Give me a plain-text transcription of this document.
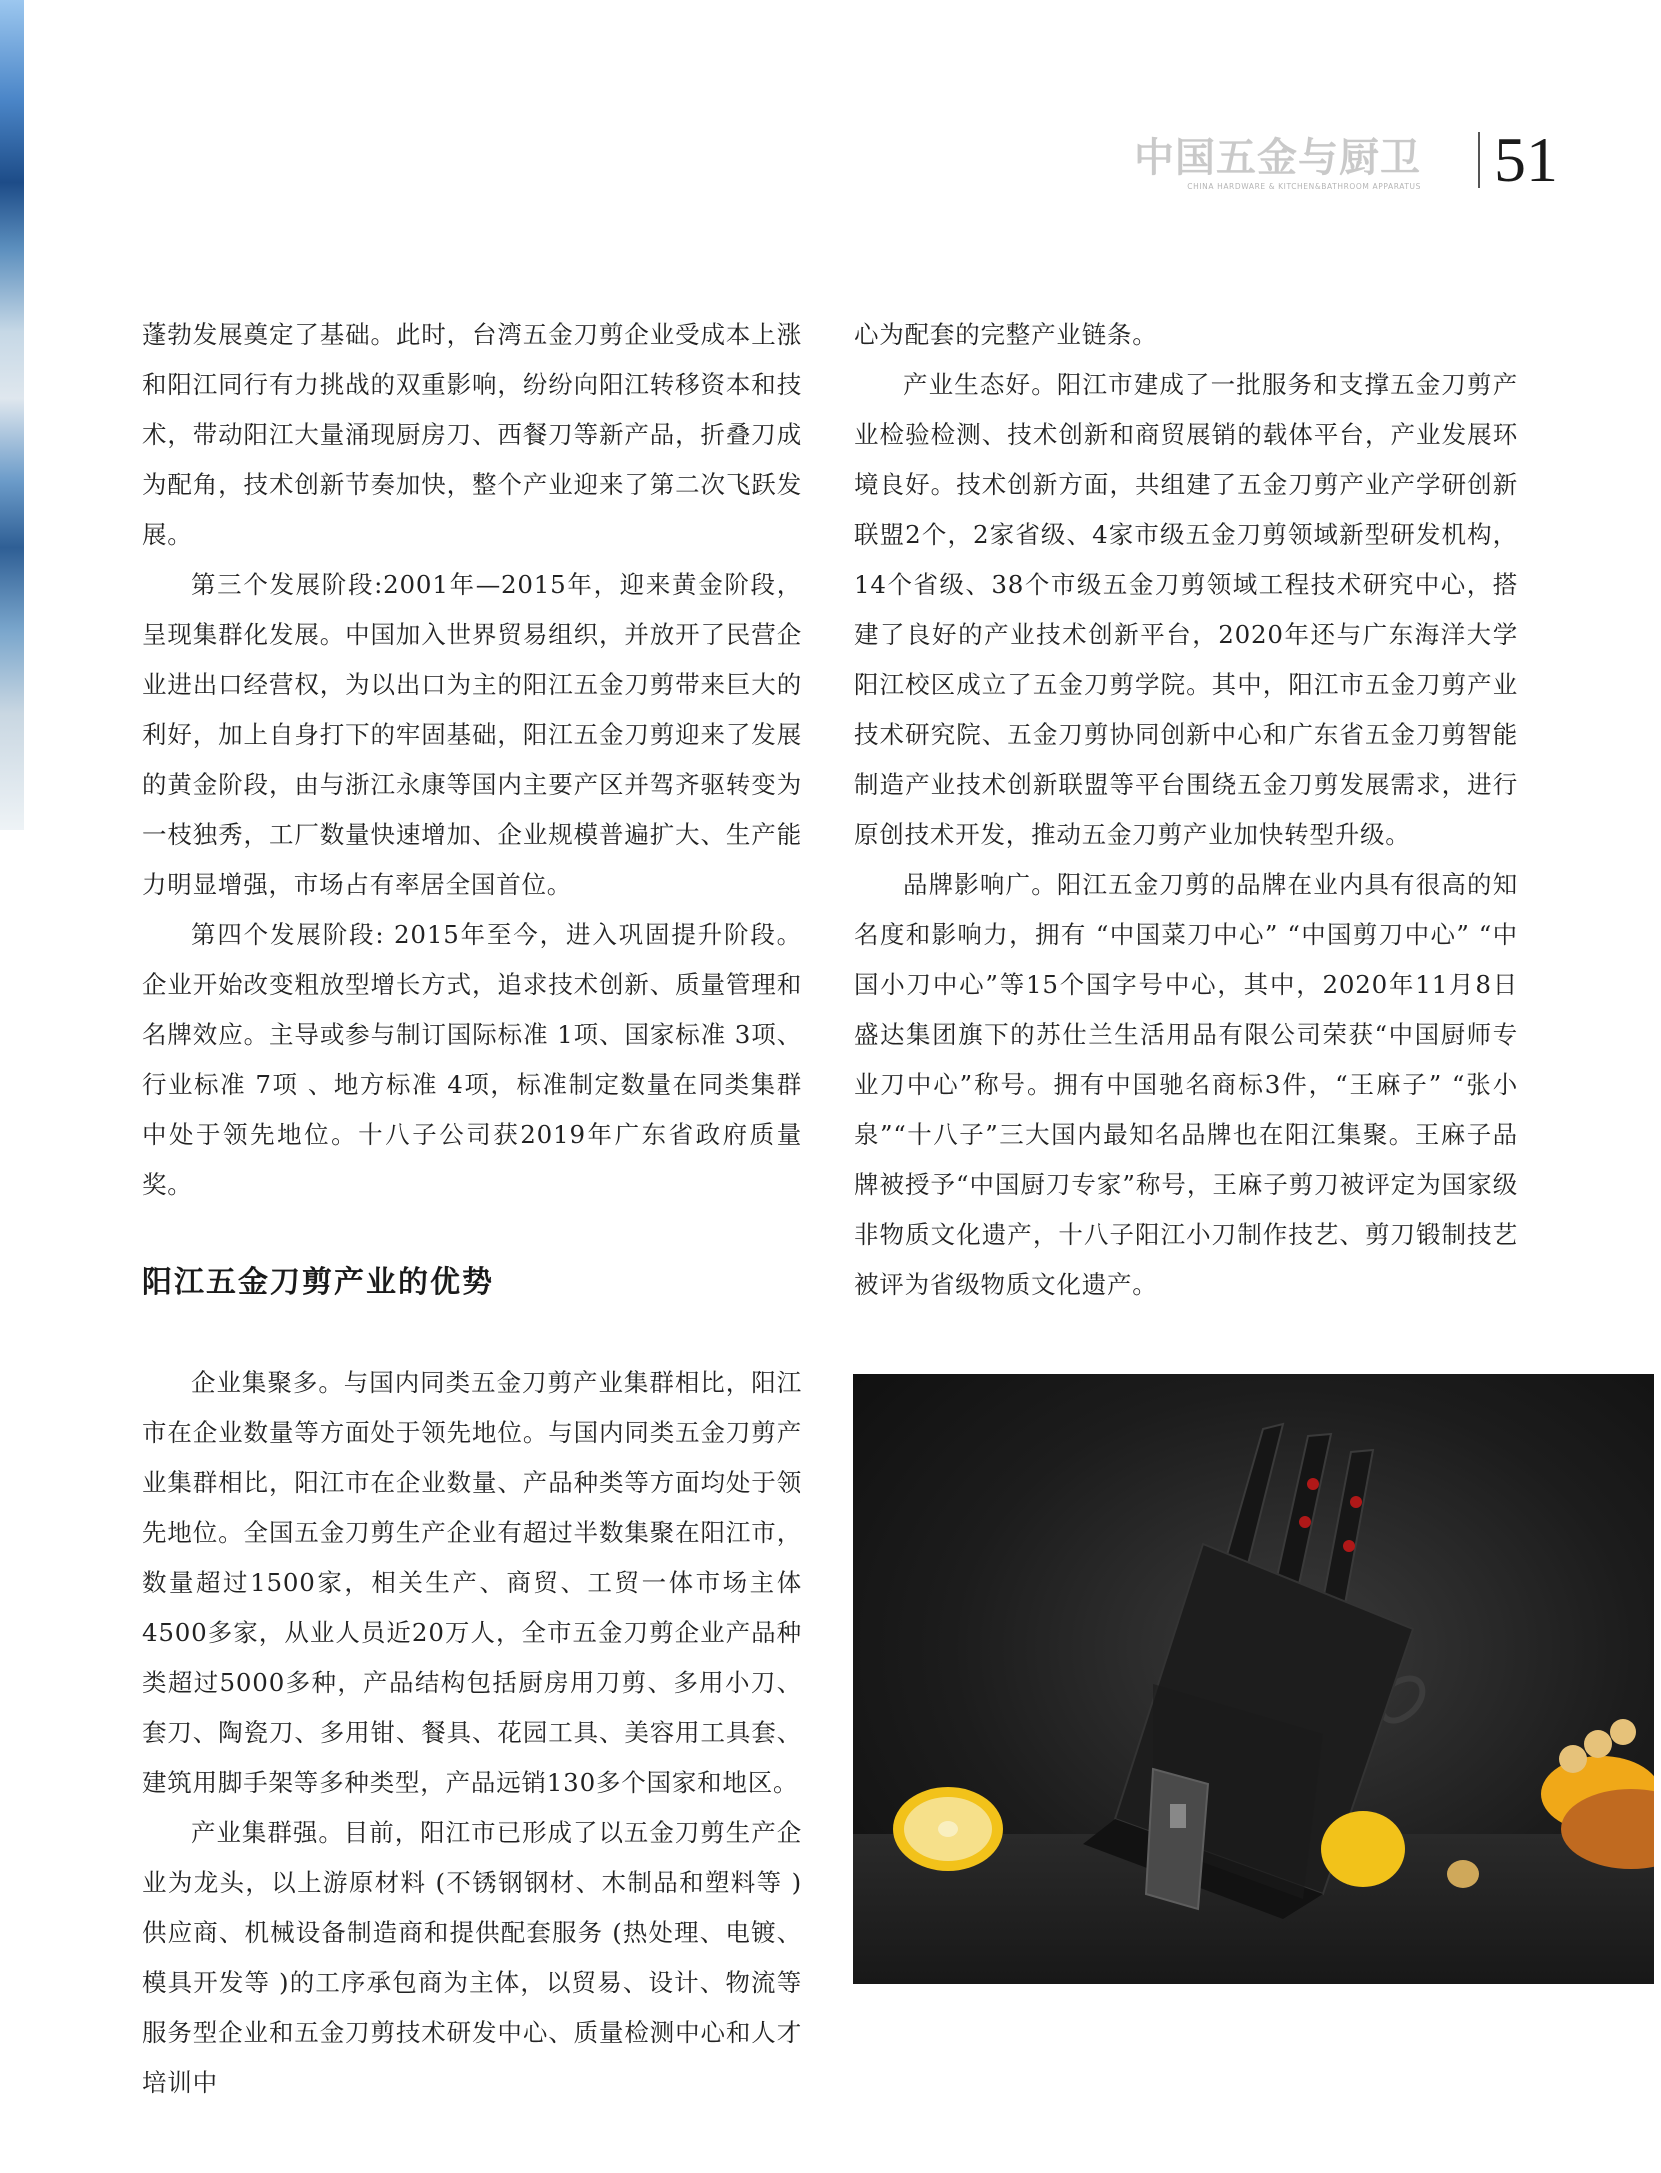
中国五金与厨卫
CHINA HARDWARE & KITCHEN&BATHROOM APPARATUS 51

蓬勃发展奠定了基础。此时，台湾五金刀剪企业受成本上涨和阳江同行有力挑战的双重影响，纷纷向阳江转移资本和技术，带动阳江大量涌现厨房刀、西餐刀等新产品，折叠刀成为配角，技术创新节奏加快，整个产业迎来了第二次飞跃发展。

第三个发展阶段:2001年—2015年，迎来黄金阶段，呈现集群化发展。中国加入世界贸易组织，并放开了民营企业进出口经营权，为以出口为主的阳江五金刀剪带来巨大的利好，加上自身打下的牢固基础，阳江五金刀剪迎来了发展的黄金阶段，由与浙江永康等国内主要产区并驾齐驱转变为一枝独秀，工厂数量快速增加、企业规模普遍扩大、生产能力明显增强，市场占有率居全国首位。

第四个发展阶段: 2015年至今，进入巩固提升阶段。企业开始改变粗放型增长方式，追求技术创新、质量管理和名牌效应。主导或参与制订国际标准 1项、国家标准 3项、行业标准 7项 、地方标准 4项，标准制定数量在同类集群中处于领先地位。十八子公司获2019年广东省政府质量奖。

阳江五金刀剪产业的优势

企业集聚多。与国内同类五金刀剪产业集群相比，阳江市在企业数量等方面处于领先地位。与国内同类五金刀剪产业集群相比，阳江市在企业数量、产品种类等方面均处于领先地位。全国五金刀剪生产企业有超过半数集聚在阳江市，数量超过1500家，相关生产、商贸、工贸一体市场主体4500多家，从业人员近20万人，全市五金刀剪企业产品种类超过5000多种，产品结构包括厨房用刀剪、多用小刀、套刀、陶瓷刀、多用钳、餐具、花园工具、美容用工具套、建筑用脚手架等多种类型，产品远销130多个国家和地区。

产业集群强。目前，阳江市已形成了以五金刀剪生产企业为龙头，以上游原材料 (不锈钢钢材、木制品和塑料等 )供应商、机械设备制造商和提供配套服务 (热处理、电镀、模具开发等 )的工序承包商为主体，以贸易、设计、物流等服务型企业和五金刀剪技术研发中心、质量检测中心和人才培训中

心为配套的完整产业链条。

产业生态好。阳江市建成了一批服务和支撑五金刀剪产业检验检测、技术创新和商贸展销的载体平台，产业发展环境良好。技术创新方面，共组建了五金刀剪产业产学研创新联盟2个，2家省级、4家市级五金刀剪领域新型研发机构，14个省级、38个市级五金刀剪领域工程技术研究中心，搭建了良好的产业技术创新平台，2020年还与广东海洋大学阳江校区成立了五金刀剪学院。其中，阳江市五金刀剪产业技术研究院、五金刀剪协同创新中心和广东省五金刀剪智能制造产业技术创新联盟等平台围绕五金刀剪发展需求，进行原创技术开发，推动五金刀剪产业加快转型升级。

品牌影响广。阳江五金刀剪的品牌在业内具有很高的知名度和影响力，拥有 “中国菜刀中心” “中国剪刀中心” “中国小刀中心”等15个国字号中心，其中，2020年11月8日盛达集团旗下的苏仕兰生活用品有限公司荣获“中国厨师专业刀中心”称号。拥有中国驰名商标3件，“王麻子” “张小泉”“十八子”三大国内最知名品牌也在阳江集聚。王麻子品牌被授予“中国厨刀专家”称号，王麻子剪刀被评定为国家级非物质文化遗产，十八子阳江小刀制作技艺、剪刀锻制技艺被评为省级物质文化遗产。
